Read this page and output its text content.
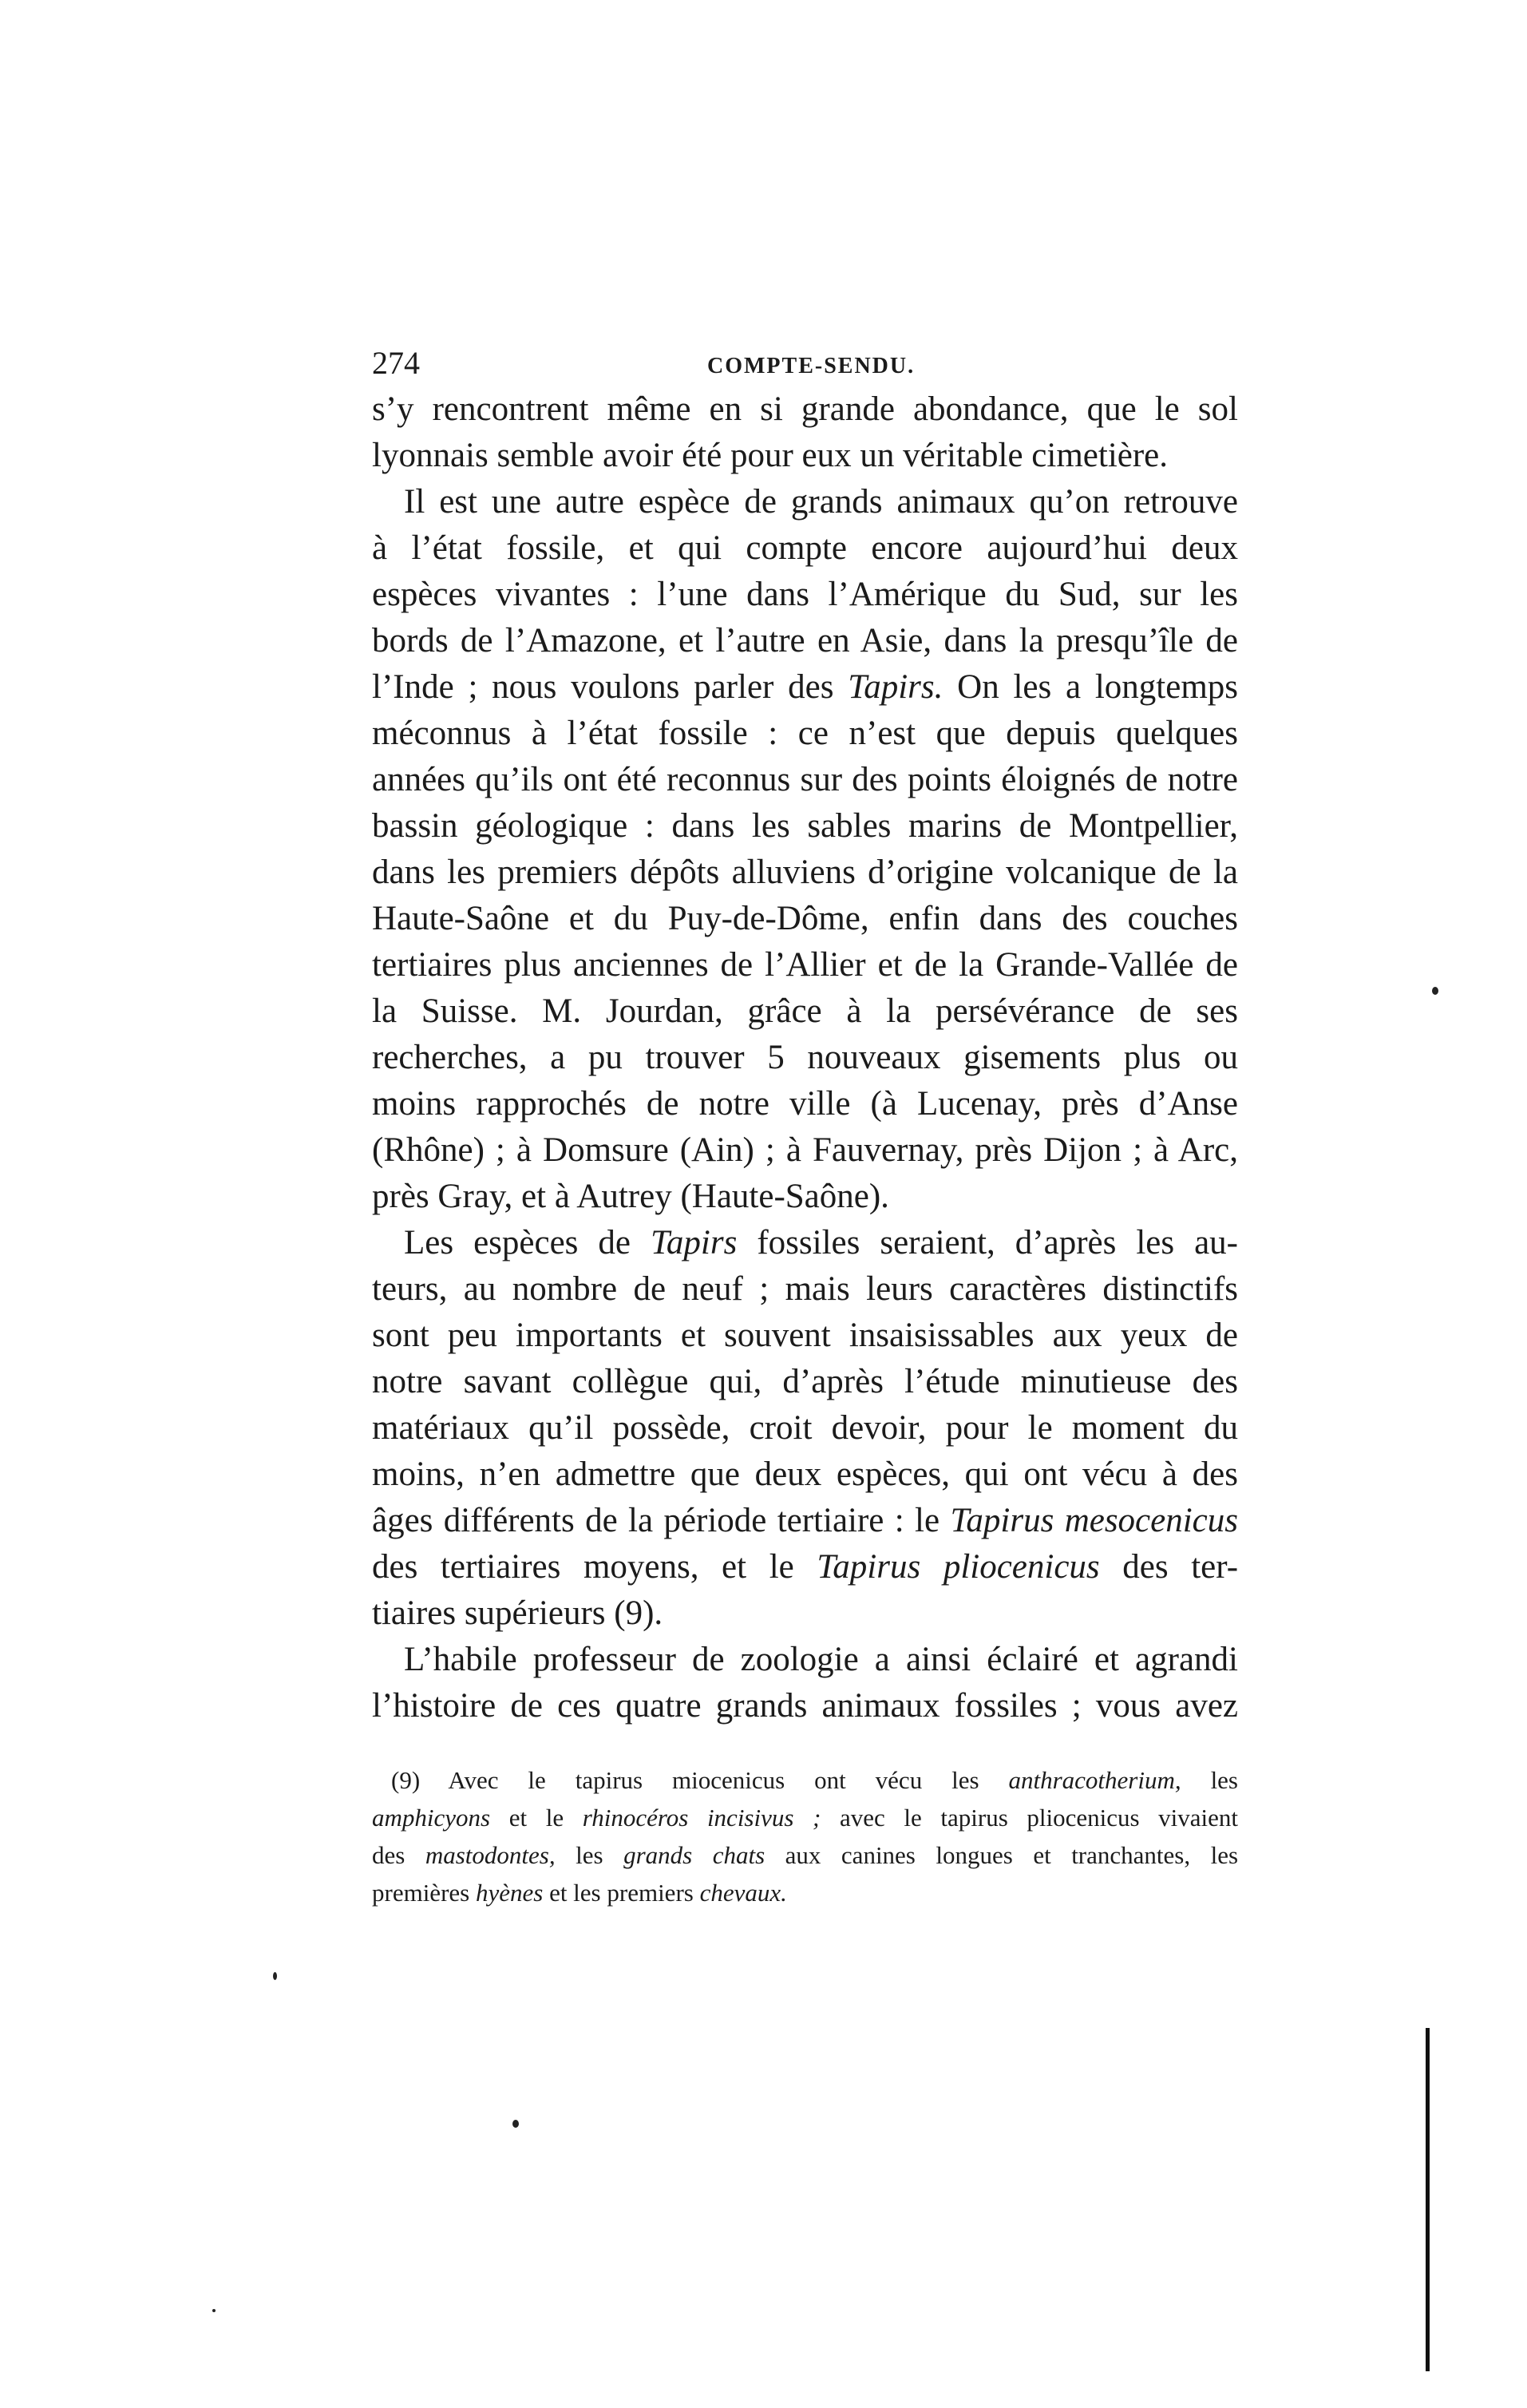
274	COMPTE-SENDU.
s’y rencontrent même en si grande abondance, que le sol
lyonnais semble avoir été pour eux un véritable cimetière.
Il est une autre espèce de grands animaux qu’on retrouve
à l’état fossile, et qui compte encore aujourd’hui deux
espèces vivantes : l’une dans l’Amérique du Sud, sur les
bords de l’Amazone, et l’autre en Asie, dans la presqu’île de
l’Inde ; nous voulons parler des Tapirs. On les a longtemps
méconnus à l’état fossile : ce n’est que depuis quelques
années qu’ils ont été reconnus sur des points éloignés de notre
bassin géologique : dans les sables marins de Montpellier,
dans les premiers dépôts alluviens d’origine volcanique de la
Haute-Saône et du Puy-de-Dôme, enfin dans des couches
tertiaires plus anciennes de l’Allier et de la Grande-Vallée de
la Suisse. M. Jourdan, grâce à la persévérance de ses
recherches, a pu trouver 5 nouveaux gisements plus ou
moins rapprochés de notre ville (à Lucenay, près d’Anse
(Rhône) ; à Domsure (Ain) ; à Fauvernay, près Dijon ; à Arc,
près Gray, et à Autrey (Haute-Saône).
Les espèces de Tapirs fossiles seraient, d’après les au-
teurs, au nombre de neuf ; mais leurs caractères distinctifs
sont peu importants et souvent insaisissables aux yeux de
notre savant collègue qui, d’après l’étude minutieuse des
matériaux qu’il possède, croit devoir, pour le moment du
moins, n’en admettre que deux espèces, qui ont vécu à des
âges différents de la période tertiaire : le Tapirus mesocenicus
des tertiaires moyens, et le Tapirus pliocenicus des ter-
tiaires supérieurs (9).
L’habile professeur de zoologie a ainsi éclairé et agrandi
l’histoire de ces quatre grands animaux fossiles ; vous avez
(9) Avec le tapirus miocenicus ont vécu les anthracotherium, les
amphicyons et le rhinocéros incisivus ; avec le tapirus pliocenicus vivaient
des mastodontes, les grands chats aux canines longues et tranchantes, les
premières hyènes et les premiers chevaux.
